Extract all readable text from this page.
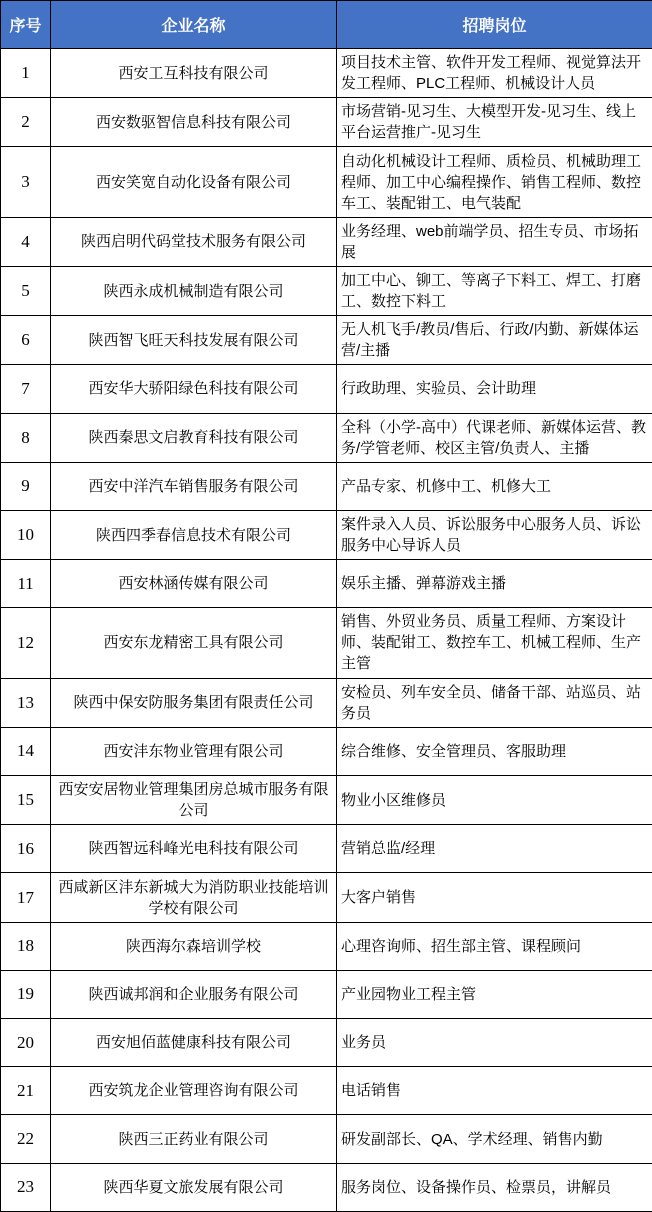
序号	企业名称	招聘岗位
1	西安工互科技有限公司	项目技术主管、软件开发工程师、视觉算法开发工程师、PLC工程师、机械设计人员
2	西安数驱智信息科技有限公司	市场营销-见习生、大模型开发-见习生、线上平台运营推广-见习生
3	西安笑宽自动化设备有限公司	自动化机械设计工程师、质检员、机械助理工程师、加工中心编程操作、销售工程师、数控车工、装配钳工、电气装配
4	陕西启明代码堂技术服务有限公司	业务经理、web前端学员、招生专员、市场拓展
5	陕西永成机械制造有限公司	加工中心、铆工、等离子下料工、焊工、打磨工、数控下料工
6	陕西智飞旺天科技发展有限公司	无人机飞手/教员/售后、行政/内勤、新媒体运营/主播
7	西安华大骄阳绿色科技有限公司	行政助理、实验员、会计助理
8	陕西秦思文启教育科技有限公司	全科（小学-高中）代课老师、新媒体运营、教务/学管老师、校区主管/负责人、主播
9	西安中洋汽车销售服务有限公司	产品专家、机修中工、机修大工
10	陕西四季春信息技术有限公司	案件录入人员、诉讼服务中心服务人员、诉讼服务中心导诉人员
11	西安林涵传媒有限公司	娱乐主播、弹幕游戏主播
12	西安东龙精密工具有限公司	销售、外贸业务员、质量工程师、方案设计师、装配钳工、数控车工、机械工程师、生产主管
13	陕西中保安防服务集团有限责任公司	安检员、列车安全员、储备干部、站巡员、站务员
14	西安沣东物业管理有限公司	综合维修、安全管理员、客服助理
15	西安安居物业管理集团房总城市服务有限公司	物业小区维修员
16	陕西智远科峰光电科技有限公司	营销总监/经理
17	西咸新区沣东新城大为消防职业技能培训学校有限公司	大客户销售
18	陕西海尔森培训学校	心理咨询师、招生部主管、课程顾问
19	陕西诚邦润和企业服务有限公司	产业园物业工程主管
20	西安旭佰蓝健康科技有限公司	业务员
21	西安筑龙企业管理咨询有限公司	电话销售
22	陕西三正药业有限公司	研发副部长、QA、学术经理、销售内勤
23	陕西华夏文旅发展有限公司	服务岗位、设备操作员、检票员，讲解员
